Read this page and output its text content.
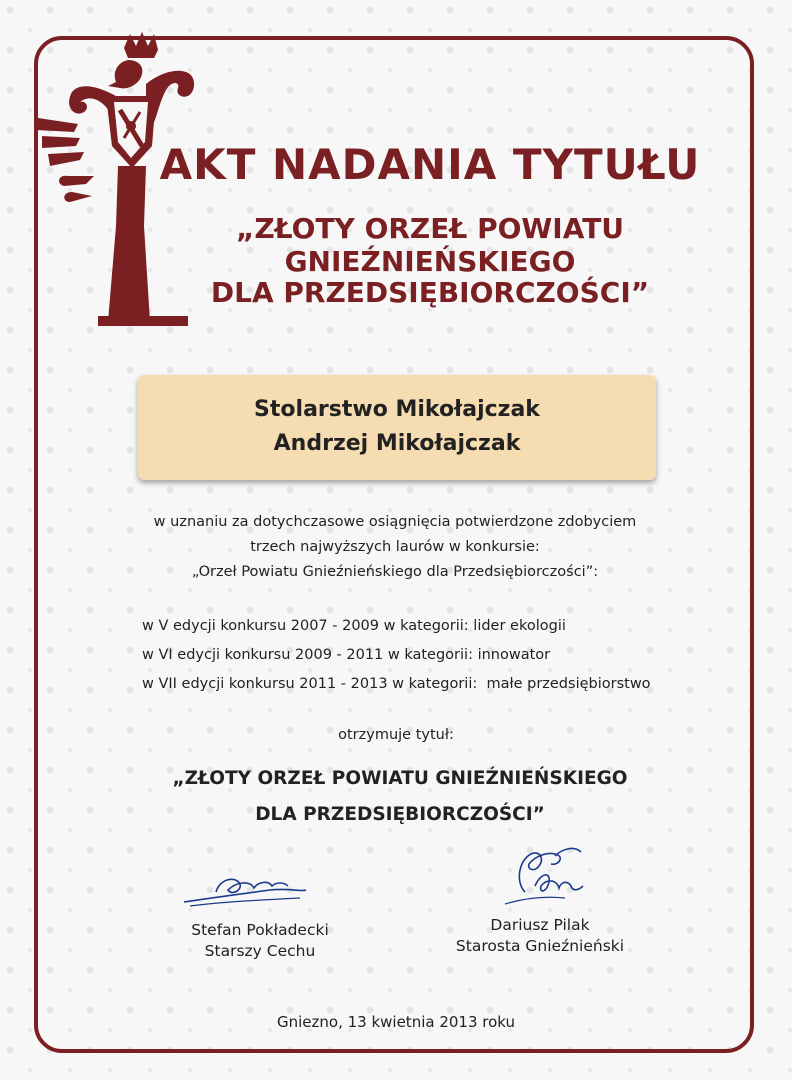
AKT NADANIA TYTUŁU
„ZŁOTY ORZEŁ POWIATU GNIEŹNIEŃSKIEGO
DLA PRZEDSIĘBIORCZOŚCI”
Stolarstwo Mikołajczak
Andrzej Mikołajczak
w uznaniu za dotychczasowe osiągnięcia potwierdzone zdobyciem
trzech najwyższych laurów w konkursie:
„Orzeł Powiatu Gnieźnieńskiego dla Przedsiębiorczości”:
w V edycji konkursu 2007 - 2009 w kategorii: lider ekologii
w VI edycji konkursu 2009 - 2011 w kategorii: innowator
w VII edycji konkursu 2011 - 2013 w kategorii:  małe przedsiębiorstwo
otrzymuje tytuł:
„ZŁOTY ORZEŁ POWIATU GNIEŹNIEŃSKIEGO
DLA PRZEDSIĘBIORCZOŚCI”
Stefan Pokładecki
Starszy Cechu
Dariusz Pilak
Starosta Gnieźnieński
Gniezno, 13 kwietnia 2013 roku
